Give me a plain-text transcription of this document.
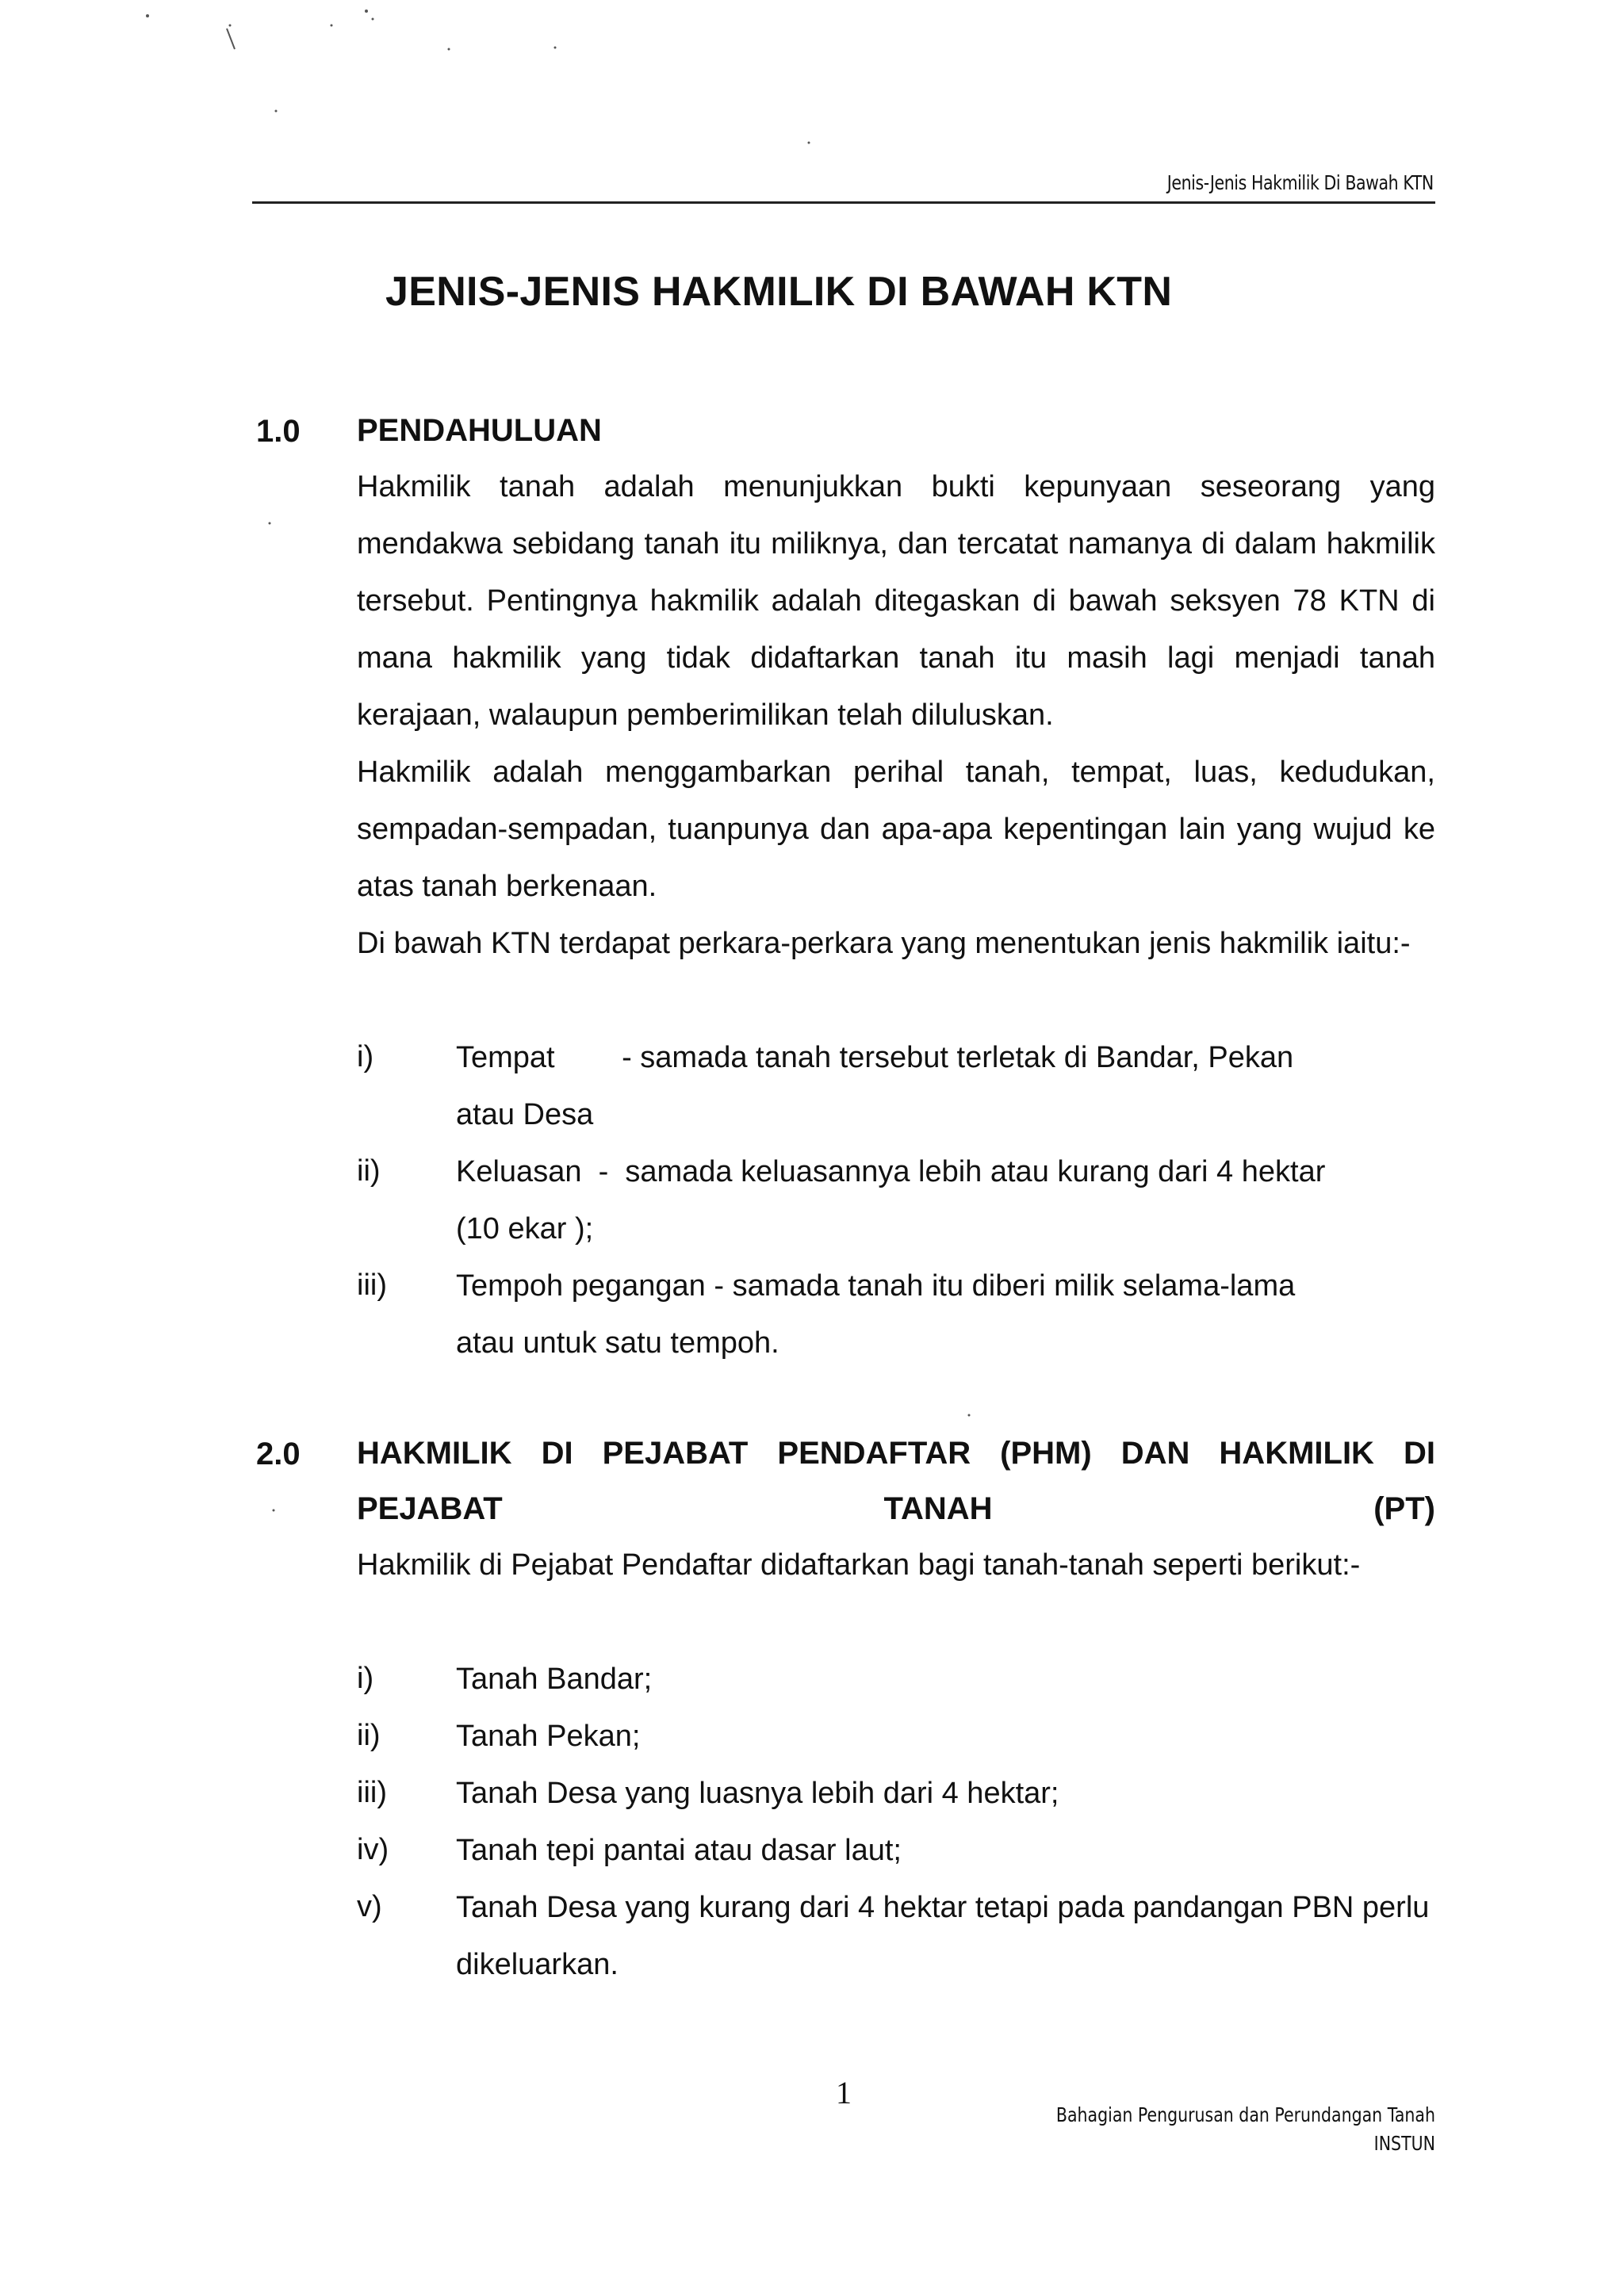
Jenis-Jenis Hakmilik Di Bawah KTN
JENIS-JENIS HAKMILIK DI BAWAH KTN
1.0 PENDAHULUAN

Hakmilik tanah adalah menunjukkan bukti kepunyaan seseorang yang mendakwa sebidang tanah itu miliknya, dan tercatat namanya di dalam hakmilik tersebut. Pentingnya hakmilik adalah ditegaskan di bawah seksyen 78 KTN di mana hakmilik yang tidak didaftarkan tanah itu masih lagi menjadi tanah kerajaan, walaupun pemberimilikan telah diluluskan.

Hakmilik adalah menggambarkan perihal tanah, tempat, luas, kedudukan, sempadan-sempadan, tuanpunya dan apa-apa kepentingan lain yang wujud ke atas tanah berkenaan.

Di bawah KTN terdapat perkara-perkara yang menentukan jenis hakmilik iaitu:-

i)	Tempat        - samada tanah tersebut terletak di Bandar, Pekan
atau Desa
ii)	Keluasan  -  samada keluasannya lebih atau kurang dari 4 hektar
(10 ekar );
iii) Tempoh pegangan - samada tanah itu diberi milik selama-lama
atau untuk satu tempoh.
2.0 HAKMILIK DI PEJABAT PENDAFTAR (PHM) DAN HAKMILIK DI PEJABAT TANAH (PT)

Hakmilik di Pejabat Pendaftar didaftarkan bagi tanah-tanah seperti berikut:-

i)	Tanah Bandar;
ii)	Tanah Pekan;
iii) Tanah Desa yang luasnya lebih dari 4 hektar;
iv) Tanah tepi pantai atau dasar laut;
v) Tanah Desa yang kurang dari 4 hektar tetapi pada pandangan PBN perlu dikeluarkan.
1
Bahagian Pengurusan dan Perundangan Tanah
INSTUN
